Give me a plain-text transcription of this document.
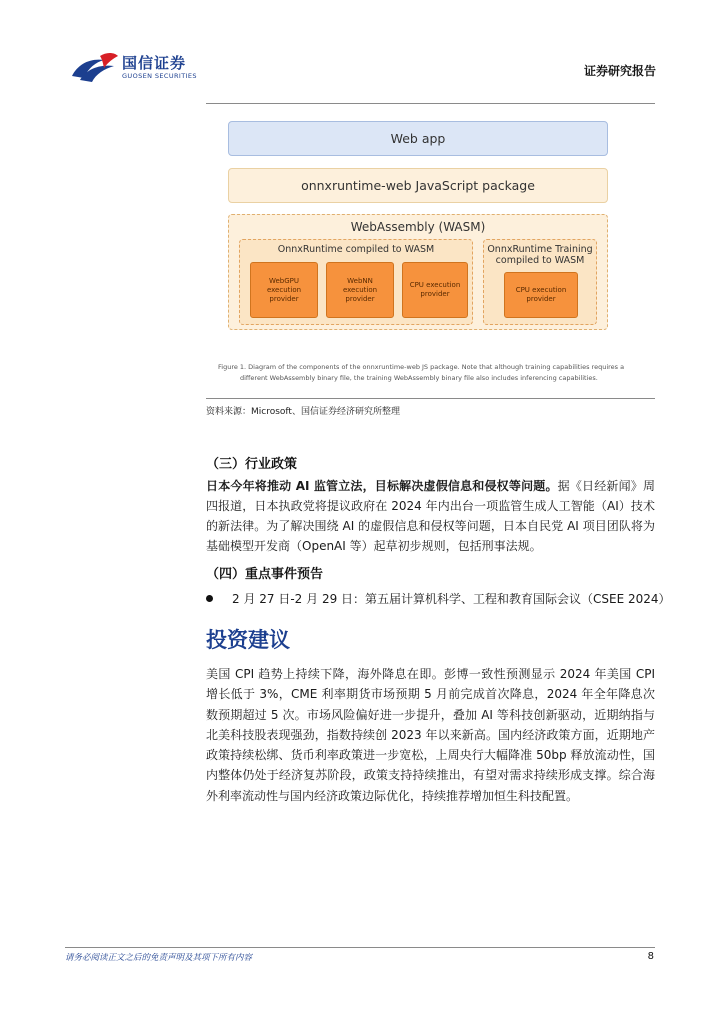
国信证券
GUOSEN SECURITIES	证券研究报告
Web app
onnxruntime-web JavaScript package
WebAssembly (WASM)
OnnxRuntime compiled to WASM
WebGPU
execution
provider
WebNN
execution
provider
CPU execution
provider
OnnxRuntime Training
compiled to WASM
CPU execution
provider
Figure 1. Diagram of the components of the onnxruntime-web JS package. Note that although training capabilities requires a
different WebAssembly binary file, the training WebAssembly binary file also includes inferencing capabilities.
资料来源：Microsoft、国信证券经济研究所整理
（三）行业政策
日本今年将推动 AI 监管立法，目标解决虚假信息和侵权等问题。据《日经新闻》周四报道，日本执政党将提议政府在 2024 年内出台一项监管生成人工智能（AI）技术的新法律。为了解决围绕 AI 的虚假信息和侵权等问题，日本自民党 AI 项目团队将为基础模型开发商（OpenAI 等）起草初步规则，包括刑事法规。
（四）重点事件预告
2 月 27 日-2 月 29 日：第五届计算机科学、工程和教育国际会议（CSEE 2024）
投资建议
美国 CPI 趋势上持续下降，海外降息在即。彭博一致性预测显示 2024 年美国 CPI 增长低于 3%，CME 利率期货市场预期 5 月前完成首次降息，2024 年全年降息次数预期超过 5 次。市场风险偏好进一步提升，叠加 AI 等科技创新驱动，近期纳指与北美科技股表现强劲，指数持续创 2023 年以来新高。国内经济政策方面，近期地产政策持续松绑、货币利率政策进一步宽松，上周央行大幅降准 50bp 释放流动性，国内整体仍处于经济复苏阶段，政策支持持续推出，有望对需求持续形成支撑。综合海外利率流动性与国内经济政策边际优化，持续推荐增加恒生科技配置。
请务必阅读正文之后的免责声明及其项下所有内容	8
